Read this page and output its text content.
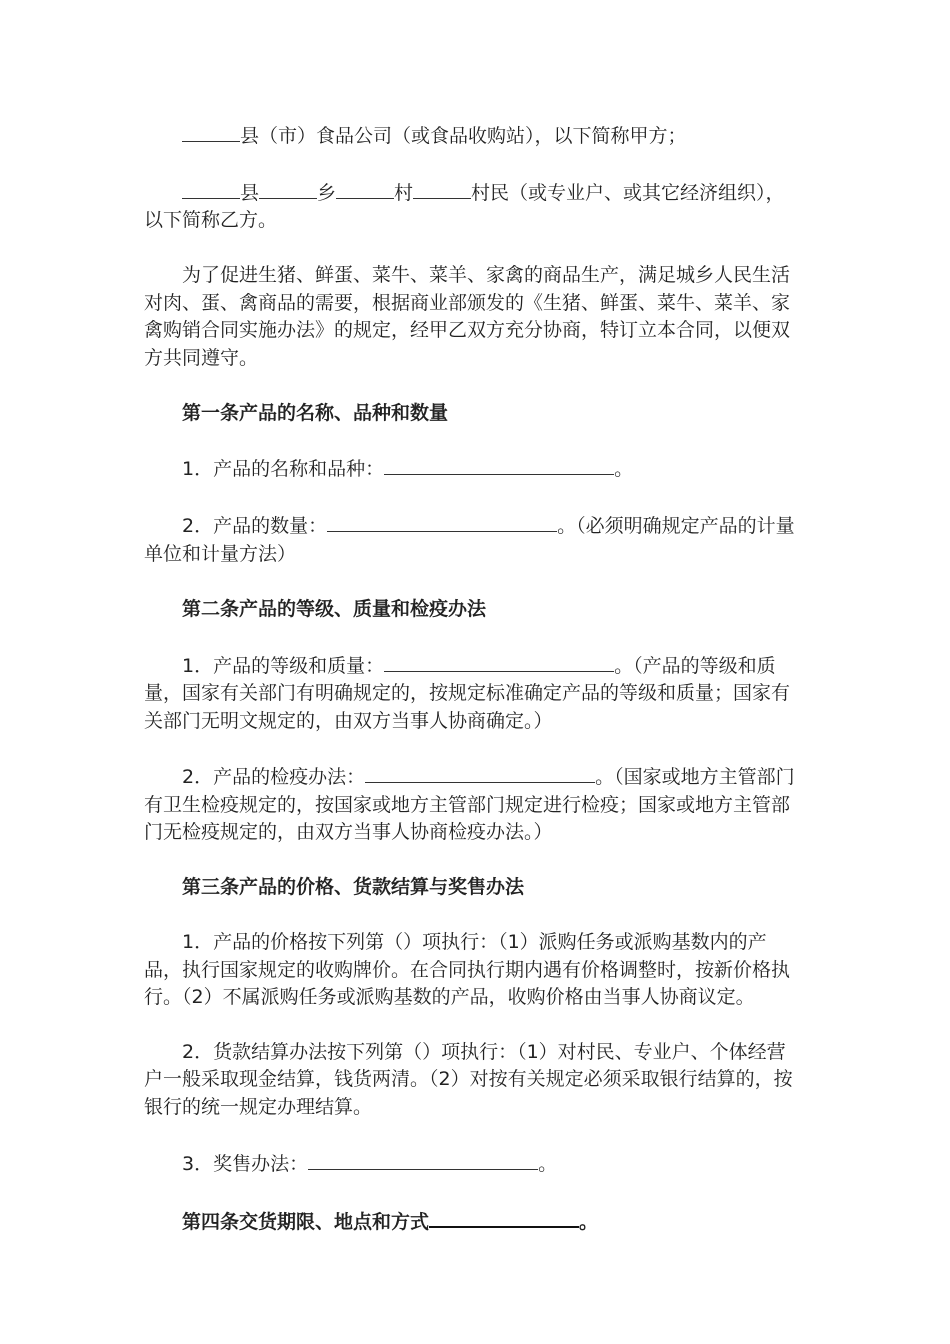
县（市）食品公司（或食品收购站），以下简称甲方；

县	乡	村	村民（或专业户、或其它经济组织），
以下简称乙方。

为了促进生猪、鲜蛋、菜牛、菜羊、家禽的商品生产，满足城乡人民生活
对肉、蛋、禽商品的需要，根据商业部颁发的《生猪、鲜蛋、菜牛、菜羊、家
禽购销合同实施办法》的规定，经甲乙双方充分协商，特订立本合同，以便双
方共同遵守。

第一条产品的名称、品种和数量

1．产品的名称和品种：	。

2．产品的数量：	。（必须明确规定产品的计量
单位和计量方法）

第二条产品的等级、质量和检疫办法

1．产品的等级和质量：	。（产品的等级和质
量，国家有关部门有明确规定的，按规定标准确定产品的等级和质量；国家有
关部门无明文规定的，由双方当事人协商确定。）

2．产品的检疫办法：	。（国家或地方主管部门
有卫生检疫规定的，按国家或地方主管部门规定进行检疫；国家或地方主管部
门无检疫规定的，由双方当事人协商检疫办法。）

第三条产品的价格、货款结算与奖售办法

1．产品的价格按下列第（）项执行：（1）派购任务或派购基数内的产
品，执行国家规定的收购牌价。在合同执行期内遇有价格调整时，按新价格执
行。（2）不属派购任务或派购基数的产品，收购价格由当事人协商议定。

2．货款结算办法按下列第（）项执行：（1）对村民、专业户、个体经营
户一般采取现金结算，钱货两清。（2）对按有关规定必须采取银行结算的，按
银行的统一规定办理结算。

3．奖售办法：	。

第四条交货期限、地点和方式	。
